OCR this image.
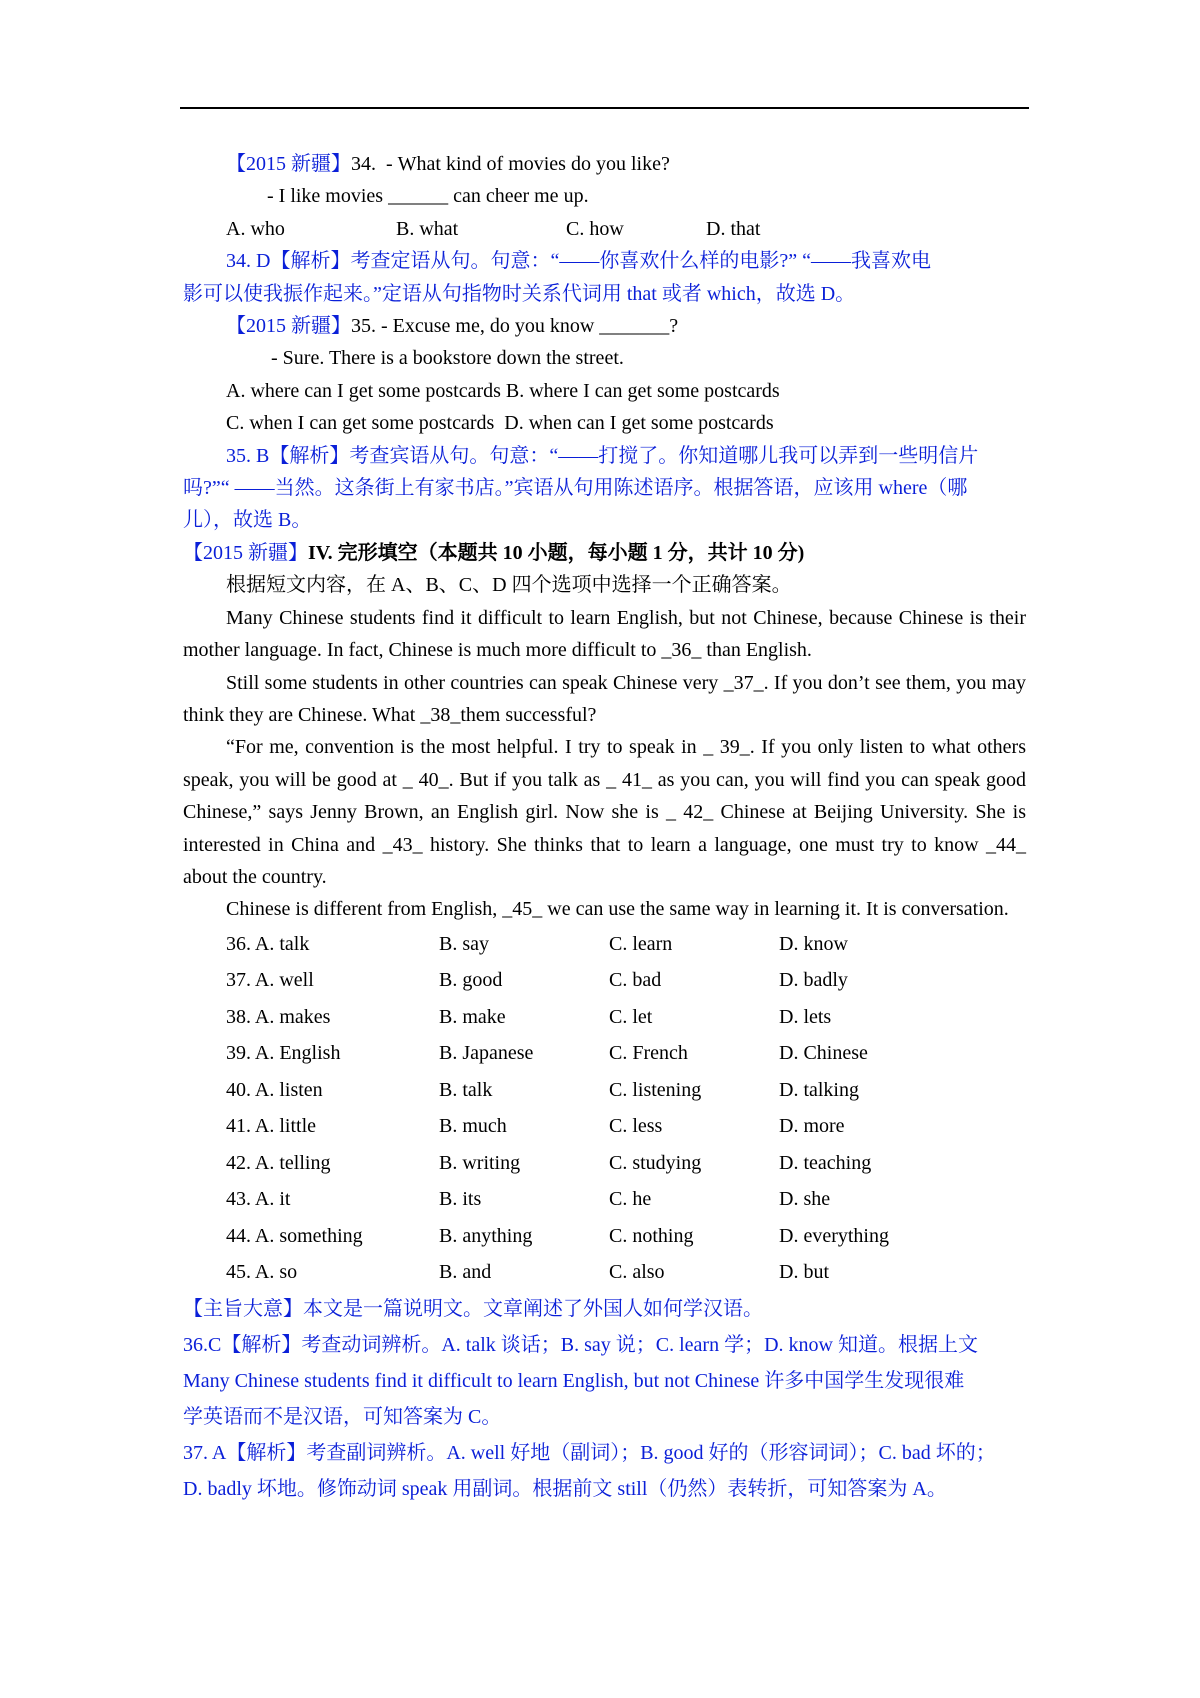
【2015 新疆】34.  - What kind of movies do you like?

- I like movies ______ can cheer me up.

A. who	B. what	C. how	D. that

34. D【解析】考查定语从句。句意：“——你喜欢什么样的电影?” “——我喜欢电

影可以使我振作起来。”定语从句指物时关系代词用 that 或者 which，故选 D。

【2015 新疆】35. - Excuse me, do you know _______?

- Sure. There is a bookstore down the street.

A. where can I get some postcards B. where I can get some postcards

C. when I can get some postcards  D. when can I get some postcards

35. B【解析】考查宾语从句。句意：“——打搅了。你知道哪儿我可以弄到一些明信片

吗?”“ ——当然。这条街上有家书店。”宾语从句用陈述语序。根据答语，应该用 where（哪

儿），故选 B。

【2015 新疆】IV. 完形填空（本题共 10 小题，每小题 1 分，共计 10 分)

根据短文内容，在 A、B、C、D 四个选项中选择一个正确答案。

Many Chinese students find it difficult to learn English, but not Chinese, because Chinese is their mother language. In fact, Chinese is much more difficult to _36_ than English.

Still some students in other countries can speak Chinese very _37_. If you don’t see them, you may think they are Chinese. What _38_them successful?

“For me, convention is the most helpful. I try to speak in _ 39_. If you only listen to what others speak, you will be good at _ 40_. But if you talk as _ 41_ as you can, you will find you can speak good Chinese,” says Jenny Brown, an English girl. Now she is _ 42_ Chinese at Beijing University. She is interested in China and _43_ history. She thinks that to learn a language, one must try to know _44_ about the country.

Chinese is different from English, _45_ we can use the same way in learning it. It is conversation.

36. A. talk	B. say	C. learn	D. know
37. A. well	B. good	C. bad	D. badly
38. A. makes	B. make	C. let	D. lets
39. A. English	B. Japanese	C. French	D. Chinese
40. A. listen	B. talk	C. listening	D. talking
41. A. little	B. much	C. less	D. more
42. A. telling	B. writing	C. studying	D. teaching
43. A. it	B. its	C. he	D. she
44. A. something	B. anything	C. nothing	D. everything
45. A. so	B. and	C. also	D. but

【主旨大意】本文是一篇说明文。文章阐述了外国人如何学汉语。

36.C【解析】考查动词辨析。A. talk 谈话；B. say 说；C. learn 学；D. know 知道。根据上文

Many Chinese students find it difficult to learn English, but not Chinese 许多中国学生发现很难

学英语而不是汉语，可知答案为 C。

37. A【解析】考查副词辨析。A. well 好地（副词）；B. good 好的（形容词词）；C. bad 坏的；

D. badly 坏地。修饰动词 speak 用副词。根据前文 still（仍然）表转折，可知答案为 A。
